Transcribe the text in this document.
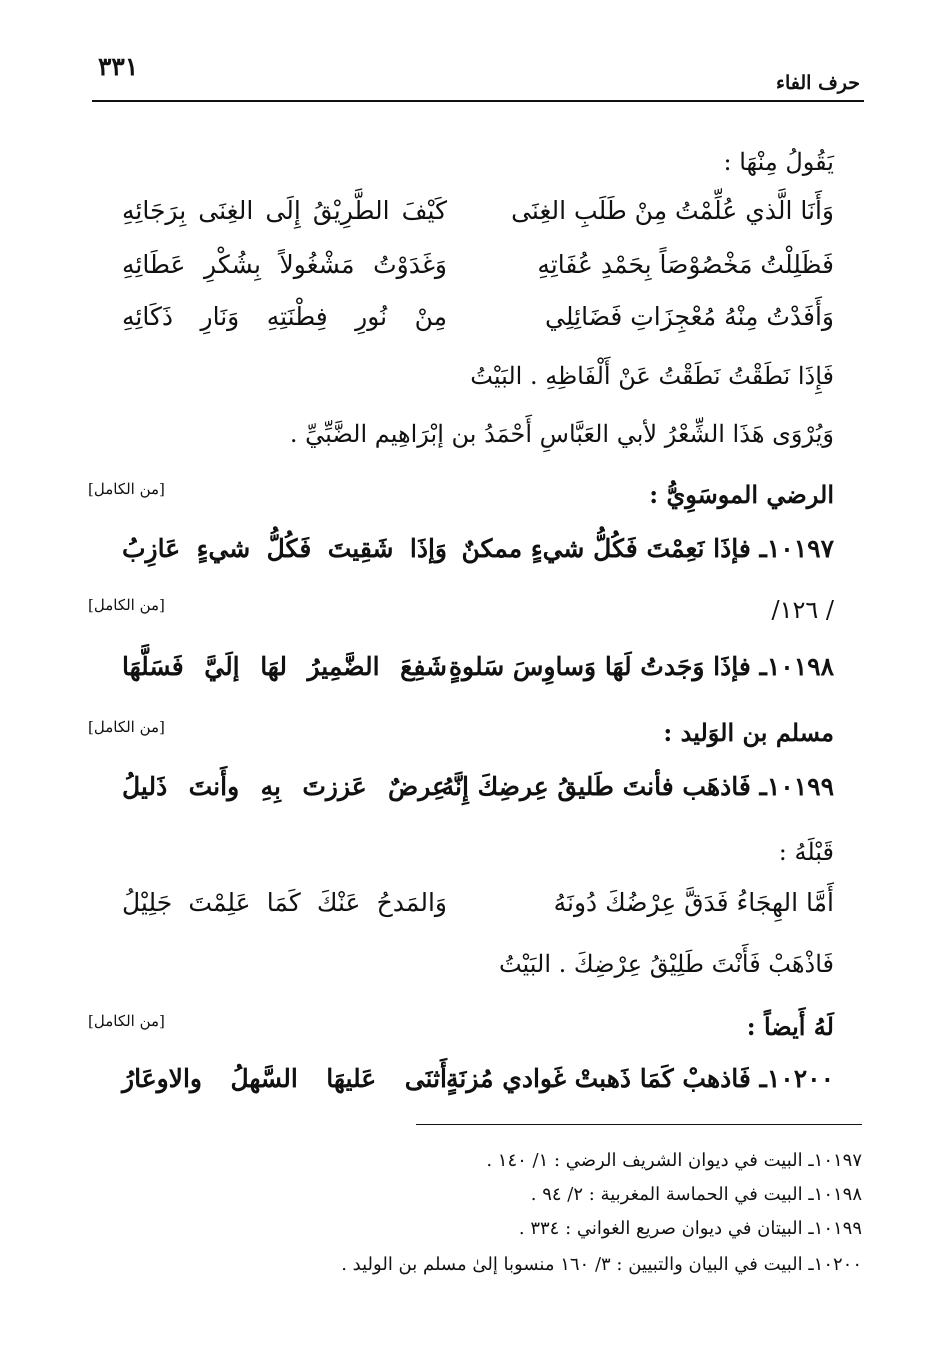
حرف الفاء
٣٣١
يَقُولُ مِنْهَا :
وَأَنَا الَّذي عُلِّمْتُ مِنْ طَلَبِ الغِنَى
كَيْفَ الطَّرِيْقُ إِلَى الغِنَى بِرَجَائِهِ
فَظَلِلْتُ مَخْصُوْصَاً بِحَمْدِ عُفَاتِهِ
وَغَدَوْتُ مَشْغُولاً بِشُكْرِ عَطَائِهِ
وَأَفَدْتُ مِنْهُ مُعْجِزَاتِ فَضَائِلِي
مِنْ نُورِ فِطْنَتِهِ وَنَارِ ذَكَائِهِ
فَإِذَا نَطَقْتُ نَطَقْتُ عَنْ أَلْفَاظِهِ . البَيْتُ
وَيُرْوَى هَذَا الشِّعْرُ لأبي العَبَّاسِ أَحْمَدُ بن إبْرَاهِيم الضَّبِّيِّ .
الرضي الموسَوِيُّ :
[من الكامل]
١٠١٩٧ـ فإذَا نَعِمْتَ فَكُلُّ شيءٍ ممكنٌ
وَإذَا شَقِيتَ فَكُلُّ شيءٍ عَازِبُ
/ ١٢٦/
[من الكامل]
١٠١٩٨ـ فإذَا وَجَدتُ لَهَا وَساوِسَ سَلوةٍ
شَفِعَ الضَّمِيرُ لهَا إلَيَّ فَسَلَّهَا
مسلم بن الوَليد :
[من الكامل]
١٠١٩٩ـ فَاذهَب فأنتَ طَليقُ عِرضِكَ إِنَّهُ
عِرضٌ عَززتَ بِهِ وأَنتَ ذَليلُ
قَبْلَهُ :
أَمَّا الهِجَاءُ فَدَقَّ عِرْضُكَ دُونَهُ
وَالمَدحُ عَنْكَ كَمَا عَلِمْتَ جَلِيْلُ
فَاذْهَبْ فَأَنْتَ طَلِيْقُ عِرْضِكَ . البَيْتُ
لَهُ أَيضاً :
[من الكامل]
١٠٢٠٠ـ فَاذهبْ كَمَا ذَهبتْ غَوادي مُزنَةٍ
أَثنَى عَليهَا السَّهلُ والاوعَارُ
١٠١٩٧ـ البيت في ديوان الشريف الرضي : ١/ ١٤٠ .
١٠١٩٨ـ البيت في الحماسة المغربية : ٢/ ٩٤ .
١٠١٩٩ـ البيتان في ديوان صريع الغواني : ٣٣٤ .
١٠٢٠٠ـ البيت في البيان والتبيين : ٣/ ١٦٠ منسوبا إلىٰ مسلم بن الوليد .
